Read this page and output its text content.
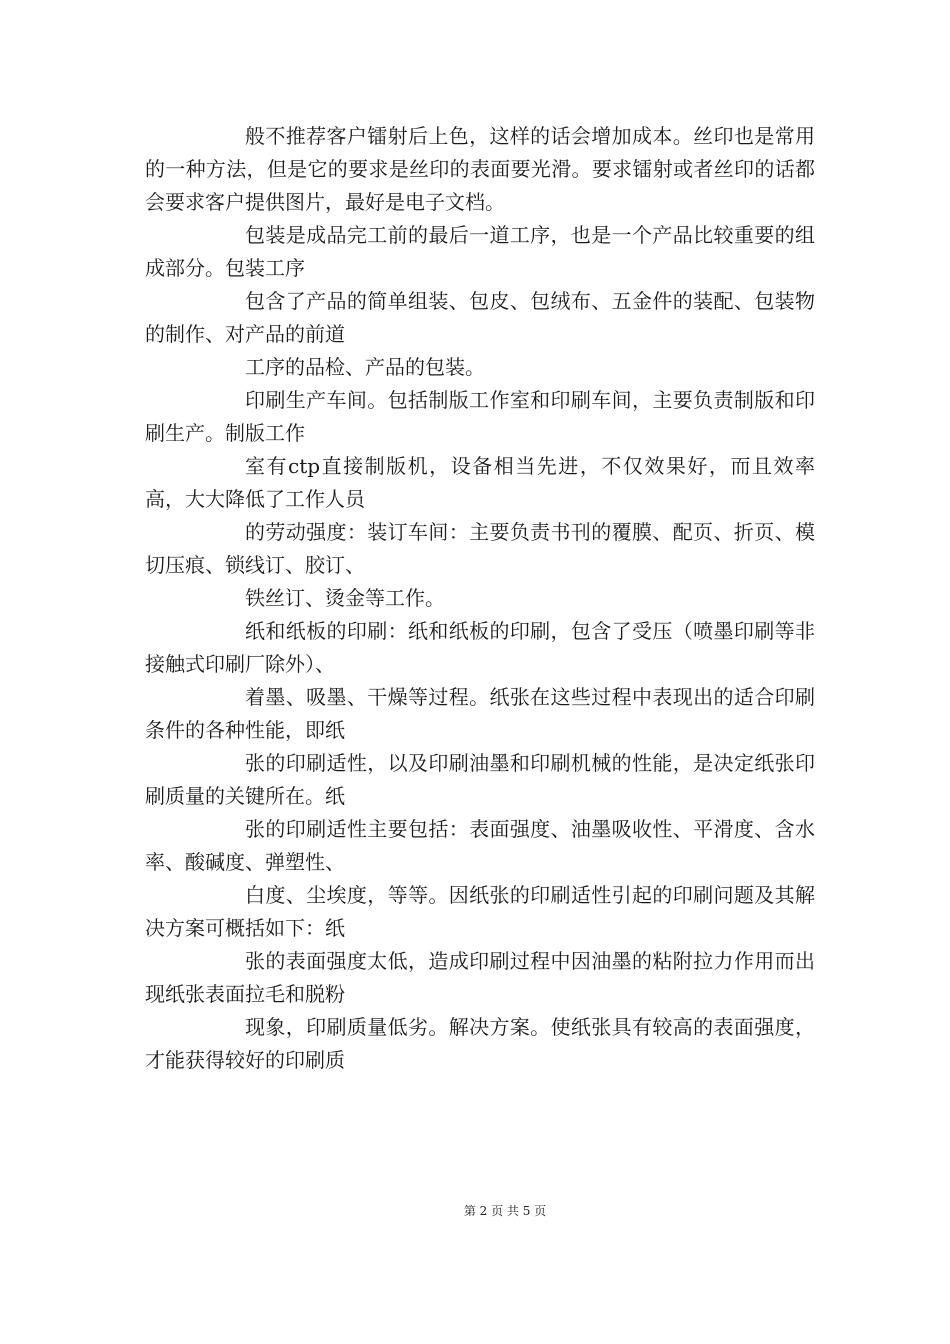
般不推荐客户镭射后上色，这样的话会增加成本。丝印也是常用的一种方法，但是它的要求是丝印的表面要光滑。要求镭射或者丝印的话都会要求客户提供图片，最好是电子文档。

包装是成品完工前的最后一道工序，也是一个产品比较重要的组成部分。包装工序

包含了产品的简单组装、包皮、包绒布、五金件的装配、包装物的制作、对产品的前道

工序的品检、产品的包装。

印刷生产车间。包括制版工作室和印刷车间，主要负责制版和印刷生产。制版工作

室有ctp直接制版机，设备相当先进，不仅效果好，而且效率高，大大降低了工作人员

的劳动强度：装订车间：主要负责书刊的覆膜、配页、折页、模切压痕、锁线订、胶订、

铁丝订、烫金等工作。

纸和纸板的印刷：纸和纸板的印刷，包含了受压（喷墨印刷等非接触式印刷厂除外）、

着墨、吸墨、干燥等过程。纸张在这些过程中表现出的适合印刷条件的各种性能，即纸

张的印刷适性，以及印刷油墨和印刷机械的性能，是决定纸张印刷质量的关键所在。纸

张的印刷适性主要包括：表面强度、油墨吸收性、平滑度、含水率、酸碱度、弹塑性、

白度、尘埃度，等等。因纸张的印刷适性引起的印刷问题及其解决方案可概括如下：纸

张的表面强度太低，造成印刷过程中因油墨的粘附拉力作用而出现纸张表面拉毛和脱粉

现象，印刷质量低劣。解决方案。使纸张具有较高的表面强度，才能获得较好的印刷质

第 2 页 共 5 页
